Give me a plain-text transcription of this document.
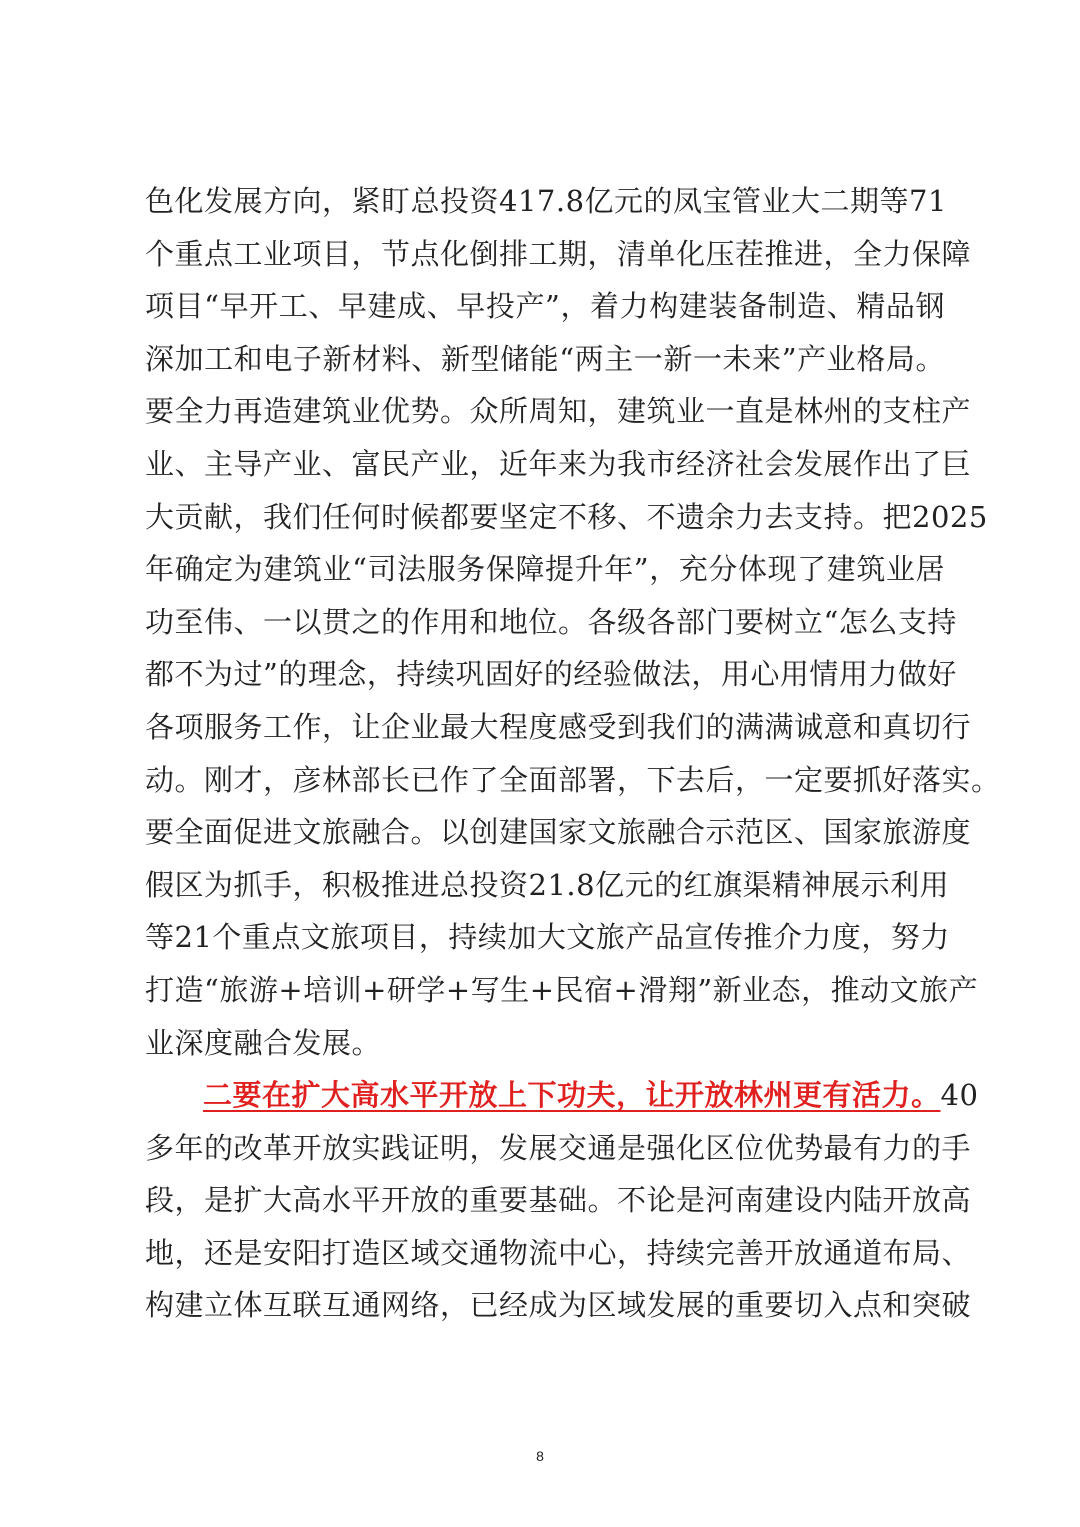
色化发展方向，紧盯总投资417.8亿元的凤宝管业大二期等71
个重点工业项目，节点化倒排工期，清单化压茬推进，全力保障
项目“早开工、早建成、早投产”，着力构建装备制造、精品钢
深加工和电子新材料、新型储能“两主一新一未来”产业格局。
要全力再造建筑业优势。众所周知，建筑业一直是林州的支柱产
业、主导产业、富民产业，近年来为我市经济社会发展作出了巨
大贡献，我们任何时候都要坚定不移、不遗余力去支持。把2025
年确定为建筑业“司法服务保障提升年”，充分体现了建筑业居
功至伟、一以贯之的作用和地位。各级各部门要树立“怎么支持
都不为过”的理念，持续巩固好的经验做法，用心用情用力做好
各项服务工作，让企业最大程度感受到我们的满满诚意和真切行
动。刚才，彦林部长已作了全面部署，下去后，一定要抓好落实。
要全面促进文旅融合。以创建国家文旅融合示范区、国家旅游度
假区为抓手，积极推进总投资21.8亿元的红旗渠精神展示利用
等21个重点文旅项目，持续加大文旅产品宣传推介力度，努力
打造“旅游+培训+研学+写生+民宿+滑翔”新业态，推动文旅产
业深度融合发展。
二要在扩大高水平开放上下功夫，让开放林州更有活力。40
多年的改革开放实践证明，发展交通是强化区位优势最有力的手
段，是扩大高水平开放的重要基础。不论是河南建设内陆开放高
地，还是安阳打造区域交通物流中心，持续完善开放通道布局、
构建立体互联互通网络，已经成为区域发展的重要切入点和突破
8
